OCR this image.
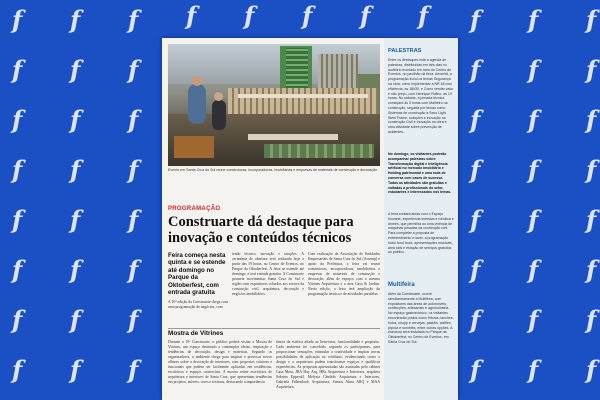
f f f	f f f
f f f	f f f
f f f	f f f
f f f	f f f
f f f	f f f
f f f	f f f
f f f	f f f
f f f	f f f
f f f f f
Evento em Santa Cruz do Sul reúne construtoras, incorporadoras, imobiliárias e empresas de materiais de construção e decoração
PROGRAMAÇÃO
Construarte dá destaque para inovação e conteúdos técnicos
Feira começa nesta quinta e se estende até domingo no Parque da Oktoberfest, com entrada gratuita
A 10ª edição da Construarte chega com uma programação de negócios, com
tendo técnico, inovação e atrações. A cerimônia de abertura será realizada hoje a partir das 19 horas, no Centro de Eventos, no Parque da Oktoberfest. A feira se estende até domingo, e terá entrada gratuita. A Construarte promete movimentar Santa Cruz do Sul e região com expositores voltados aos setores da construção civil, arquitetura, decoração e negócios imobiliários.
Com realização da Associação de Entidades Empresariais de Santa Cruz do Sul (Assemp) e apoio da Prefeitura, a feira vai reunir construtoras, incorporadoras, imobiliárias e empresas de materiais de construção e decoração, além de espaços com o mesmo Vitrines Arquitetura e a área Casa & Jardim. Nesta edição, a feira terá ampliação da programação técnica e de atividades paralelas.
Mostra de Vitrines
Durante a 10ª Construarte, o público poderá visitar a Mostra de Vitrines, um espaço destinado a contemplar ideias, inspiração e tendências de decoração, design e materiais. Segundo os organizadores, o ambiente chega para inspirar e provocar novos olhares sobre a decoração de interiores, com propostas criativas e funcionais que podem ser facilmente aplicadas em residências, escritórios e espaços comerciais. A mostra reúne escritórios de arquitetura e interiores de Santa Cruz, que apresentam tendências em projetos, móveis, cores e texturas, destacando a importância
tância da estética aliada ao bem-estar, funcionalidade e propósito. Cada ambiente foi concebido, segundo os participantes, para proporcionar sensações, estimular a criatividade e inspirar novas possibilidades de aplicação no cotidiano, evidenciando como o design e a arquitetura podem transformar espaços e qualificar experiências. As propostas apresentadas são assinadas pelo cabinet Casa Mota, JBA Hay Arq, HBs Arquitetura e Interiores, arquiteta Sabrina Epperall, Melysia Cândido Arquitetura e Interiores, Gabriela Falkenbach Arquitetura, Sumos Alma ARQ e MAA Arquitetura.
PALESTRAS
Entre os destaques está a agenda de palestras, distribuídas em três dias no auditório montado em área do Centro de Eventos, no pavilhão da feira. Amanhã, a programação inclui os temas Segurança na obra: como implementar a NR 18 com eficiência, às 18h30, e Como vender valor e não preço, com Henrique Rufino, às 19 horas. No sábado, a jornada técnica começará às 9 horas com Malheiro na construção, seguida por temas como Sistemas de construção a Seco Light Steel Frame, soluções e inovação na construção Civil e Inovação na obra e uma atividade sobre prevenção de acidentes.
No domingo, os visitantes poderão acompanhar palestras sobre Transformação digital e inteligência artificial no mercado imobiliário e Holding patrimonial e uma roda de conversa com cases de sucesso. Todas as atividades são gratuitas e voltadas a profissionais do setor, estudantes e interessados nos temas.
A feira contará ainda com o Espaço Inovarte, experiência imersiva e robótica e drones, que permitirá ao uma vivência de máquinas pesadas da construção civil. Para completar a proposta de entretenimento e lazer, a programação inclui food truck, apresentações musicais, área kids e estação de serviços gratuitos ao público.
Multifeira
Além da Construarte, ocorre simultaneamente a Multifeira, com expositores das áreas de automóveis, confecções, artesanato e agroindústria. No espaço gastronômico, os visitantes encontrarão pratos como frituras, lanches, bolos, chopp e cervejas, pastéis, waffles, pipoca e sorvetes, entre outras opções. A estrutura será instalada no Parque da Oktoberfest, no Centro de Eventos, em Santa Cruz do Sul.
